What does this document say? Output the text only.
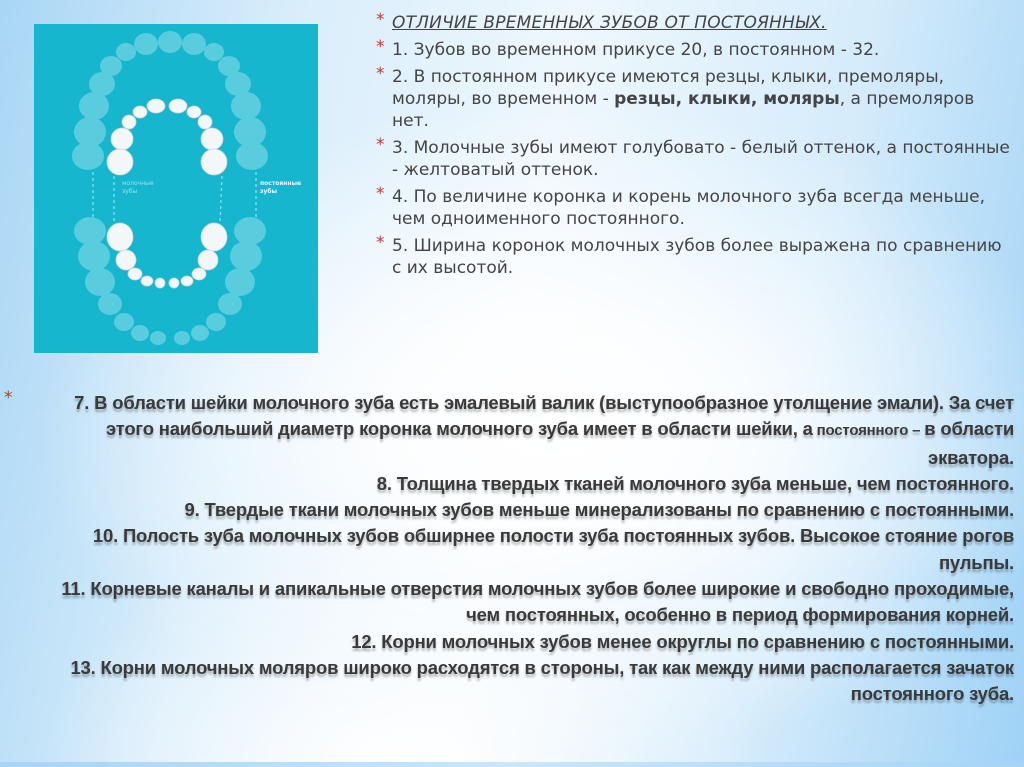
молочные
зубы
постоянные
зубы
* ОТЛИЧИЕ ВРЕМЕННЫХ ЗУБОВ ОТ ПОСТОЯННЫХ.
* 1. Зубов во временном прикусе 20, в постоянном - 32.
* 2. В постоянном прикусе имеются резцы, клыки, премоляры, моляры, во временном - резцы, клыки, моляры, а премоляров нет.
* 3. Молочные зубы имеют голубовато - белый оттенок, а постоянные - желтоватый оттенок.
* 4. По величине коронка и корень молочного зуба всегда меньше, чем одноименного постоянного.
* 5. Ширина коронок молочных зубов более выражена по сравнению с их высотой.
*	7. В области шейки молочного зуба есть эмалевый валик (выступообразное утолщение эмали). За счет этого наибольший диаметр коронка молочного зуба имеет в области шейки, а постоянного – в области экватора.

8. Толщина твердых тканей молочного зуба меньше, чем постоянного.

9. Твердые ткани молочных зубов меньше минерализованы по сравнению с постоянными.

10. Полость зуба молочных зубов обширнее полости зуба постоянных зубов. Высокое стояние рогов пульпы.

11. Корневые каналы и апикальные отверстия молочных зубов более широкие и свободно проходимые, чем постоянных, особенно в период формирования корней.

12. Корни молочных зубов менее округлы по сравнению с постоянными.

13. Корни молочных моляров широко расходятся в стороны, так как между ними располагается зачаток постоянного зуба.
